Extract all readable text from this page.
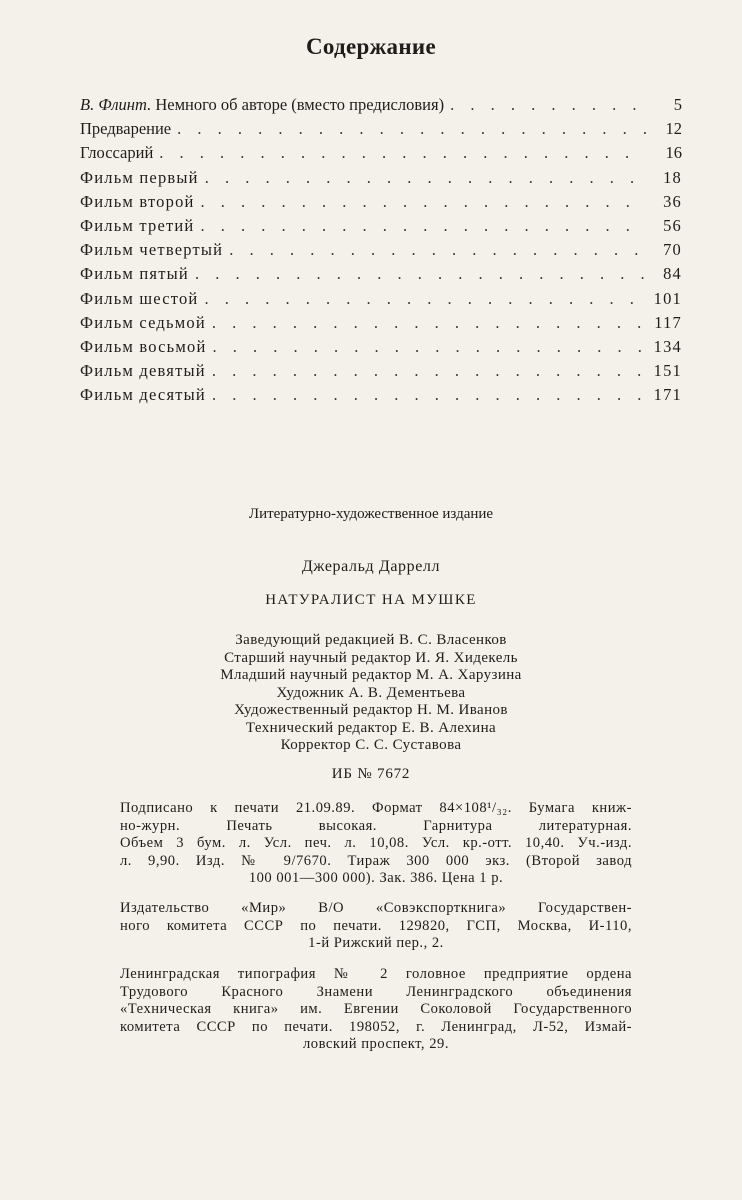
Содержание
В. Флинт. Немного об авторе (вместо предисловия) . . .	5
Предварение . . .	12
Глоссарий . . .	16
Фильм первый . . .	18
Фильм второй . . .	36
Фильм третий . . .	56
Фильм четвертый . . .	70
Фильм пятый . . .	84
Фильм шестой . . .	101
Фильм седьмой . . .	117
Фильм восьмой . . .	134
Фильм девятый . . .	151
Фильм десятый . . .	171
Литературно-художественное издание
Джеральд Даррелл
НАТУРАЛИСТ НА МУШКЕ
Заведующий редакцией В. С. Власенков
Старший научный редактор И. Я. Хидекель
Младший научный редактор М. А. Харузина
Художник А. В. Дементьева
Художественный редактор Н. М. Иванов
Технический редактор Е. В. Алехина
Корректор С. С. Суставова
ИБ № 7672
Подписано к печати 21.09.89. Формат 84×108¹/₃₂. Бумага книж-
но-журн. Печать высокая. Гарнитура литературная.
Объем 3 бум. л. Усл. печ. л. 10,08. Усл. кр.-отт. 10,40. Уч.-изд.
л. 9,90. Изд. № 9/7670. Тираж 300 000 экз. (Второй завод
100 001—300 000). Зак. 386. Цена 1 р.
Издательство «Мир» В/О «Совэкспорткнига» Государствен-
ного комитета СССР по печати. 129820, ГСП, Москва, И-110,
1-й Рижский пер., 2.
Ленинградская типография № 2 головное предприятие ордена
Трудового Красного Знамени Ленинградского объединения
«Техническая книга» им. Евгении Соколовой Государственного
комитета СССР по печати. 198052, г. Ленинград, Л-52, Измай-
ловский проспект, 29.
